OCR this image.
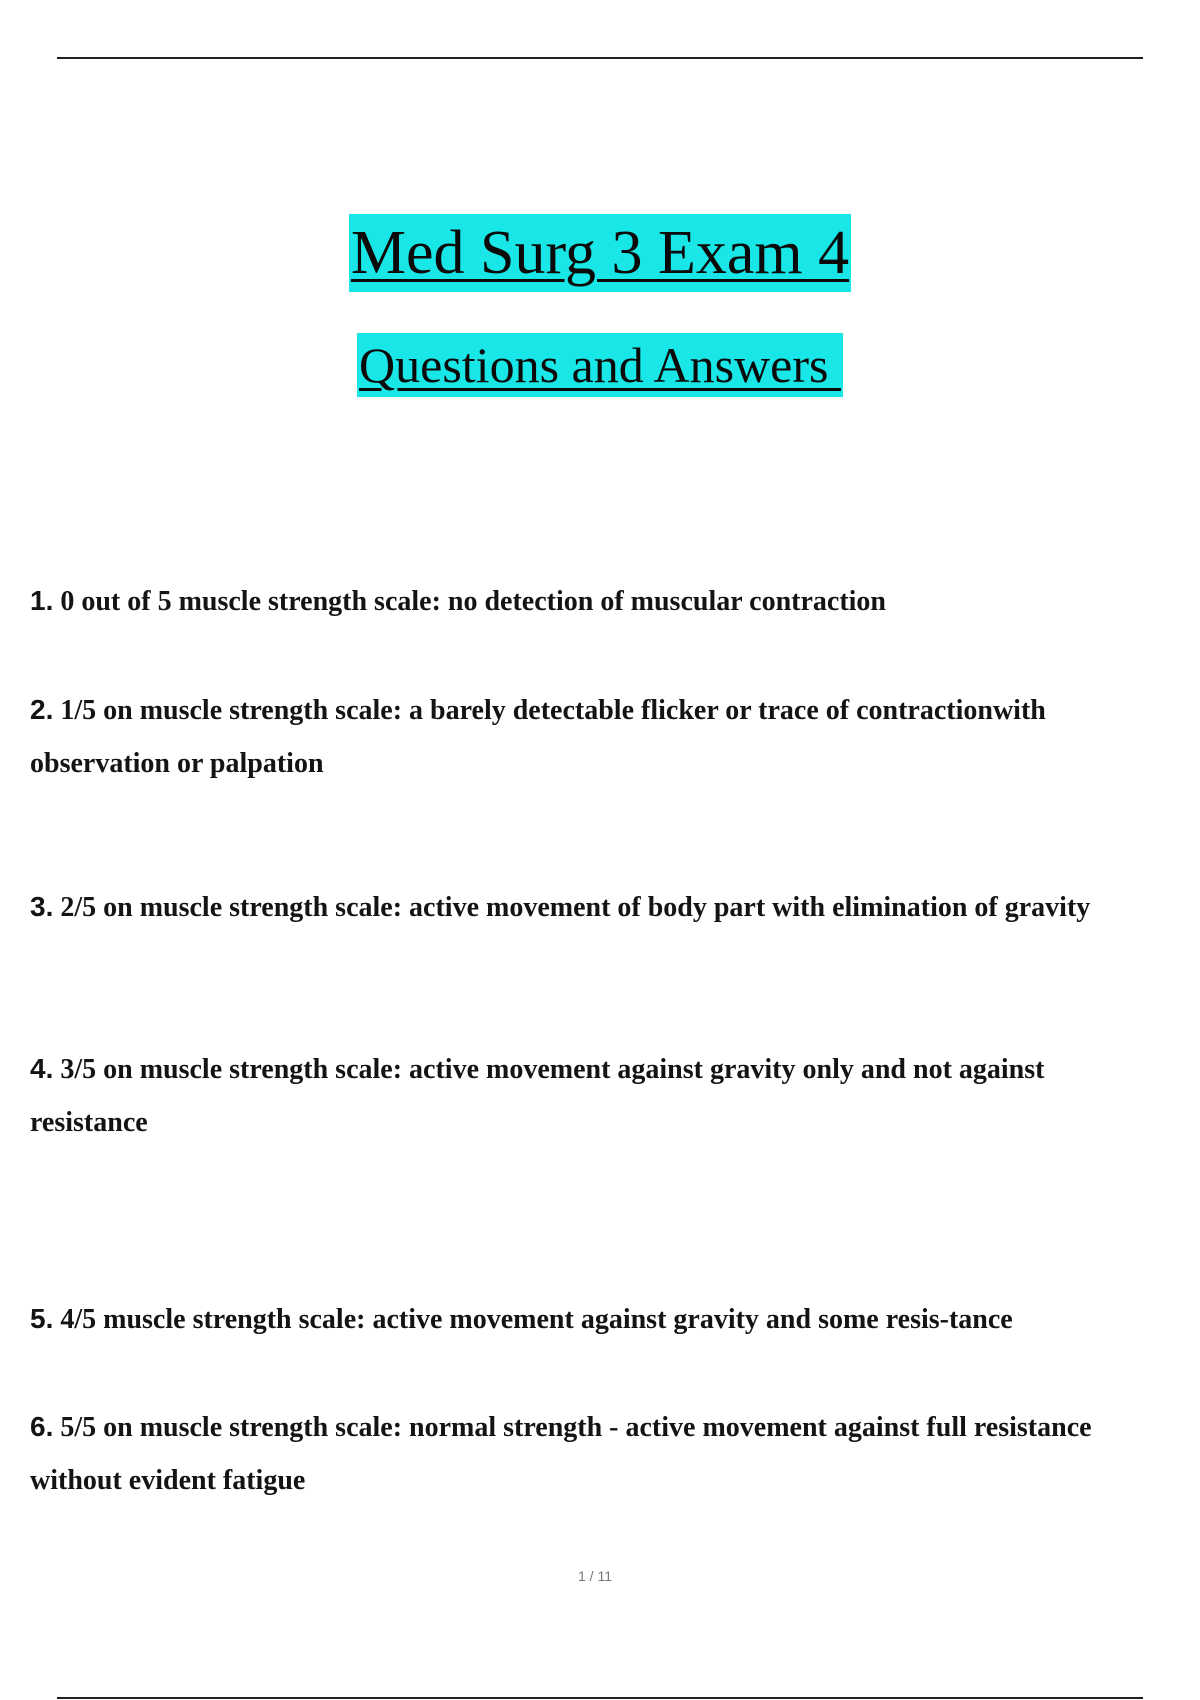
Med Surg 3 Exam 4
Questions and Answers
1. 0 out of 5 muscle strength scale: no detection of muscular contraction
2. 1/5 on muscle strength scale: a barely detectable flicker or trace of contractionwith observation or palpation
3. 2/5 on muscle strength scale: active movement of body part with elimination of gravity
4. 3/5 on muscle strength scale: active movement against gravity only and not against resistance
5. 4/5 muscle strength scale: active movement against gravity and some resis-tance
6. 5/5 on muscle strength scale: normal strength - active movement against full resistance without evident fatigue
1 / 11
